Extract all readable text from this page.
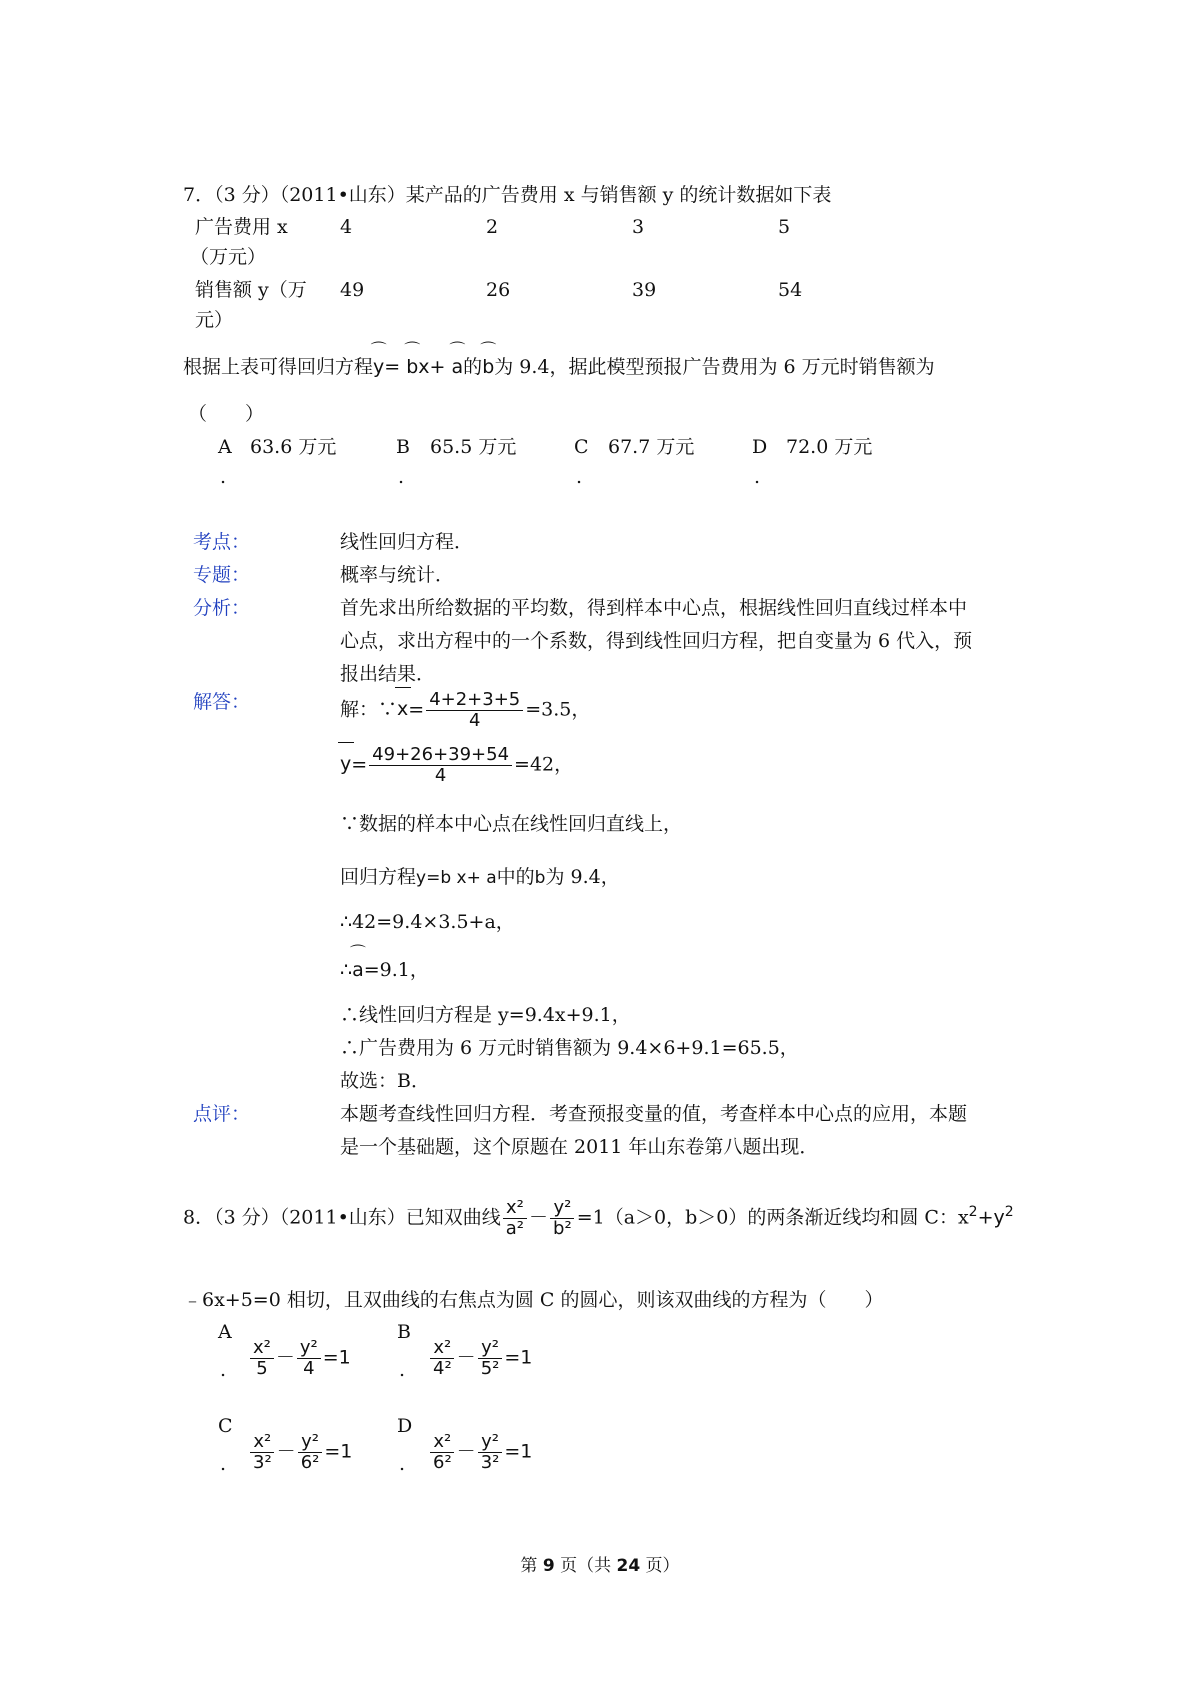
7．（3 分）（2011•山东）某产品的广告费用 x 与销售额 y 的统计数据如下表
广告费用 x
（万元）
4	2	3	5
销售额 y（万
元）
49	26	39	54
根据上表可得回归方程⌒ y= ⌒ bx+ ⌒ a的⌒ b为 9.4，据此模型预报广告费用为 6 万元时销售额为
（　　）
A 63.6 万元
.
B 65.5 万元
.
C 67.7 万元
.
D 72.0 万元
.
考点：	线性回归方程．
专题：	概率与统计．
分析：	首先求出所给数据的平均数，得到样本中心点，根据线性回归直线过样本中
心点，求出方程中的一个系数，得到线性回归方程，把自变量为 6 代入，预
报出结果．
解答：	解：∵x= $\frac{4+2+3+5}{4} =3.5$，
$y= \frac{49+26+39+54}{4} =42$，
∵数据的样本中心点在线性回归直线上，
回归方程y=b x+ a中的b为 9.4，
∴42=9.4×3.5+a，
∴⌒ a=9.1，
∴线性回归方程是 y=9.4x+9.1，
∴广告费用为 6 万元时销售额为 9.4×6+9.1=65.5，
故选：B．
点评：	本题考查线性回归方程．考查预报变量的值，考查样本中心点的应用，本题
是一个基础题，这个原题在 2011 年山东卷第八题出现．
8．（3 分）（2011•山东）已知双曲线 $\frac{\text{x²}}{\text{a²}} - \frac{\text{y²}}{\text{b²}} =1(a>0$，b＞0）的两条渐近线均和圆 C：$x^2+y^2$
﹣6x+5=0 相切，且双曲线的右焦点为圆 C 的圆心，则该双曲线的方程为（　　）
A
. $\frac{\text{x²}}{5} - \frac{\text{y²}}{4} =1$
B
. $\frac{\text{x²}}{\text{4²}} - \frac{\text{y²}}{\text{5²}} =1$
C
. $\frac{\text{x²}}{\text{3²}} - \frac{\text{y²}}{\text{6²}} =1$
D
. $\frac{\text{x²}}{\text{6²}} - \frac{\text{y²}}{\text{3²}} =1$
第 9 页（共 24 页）
